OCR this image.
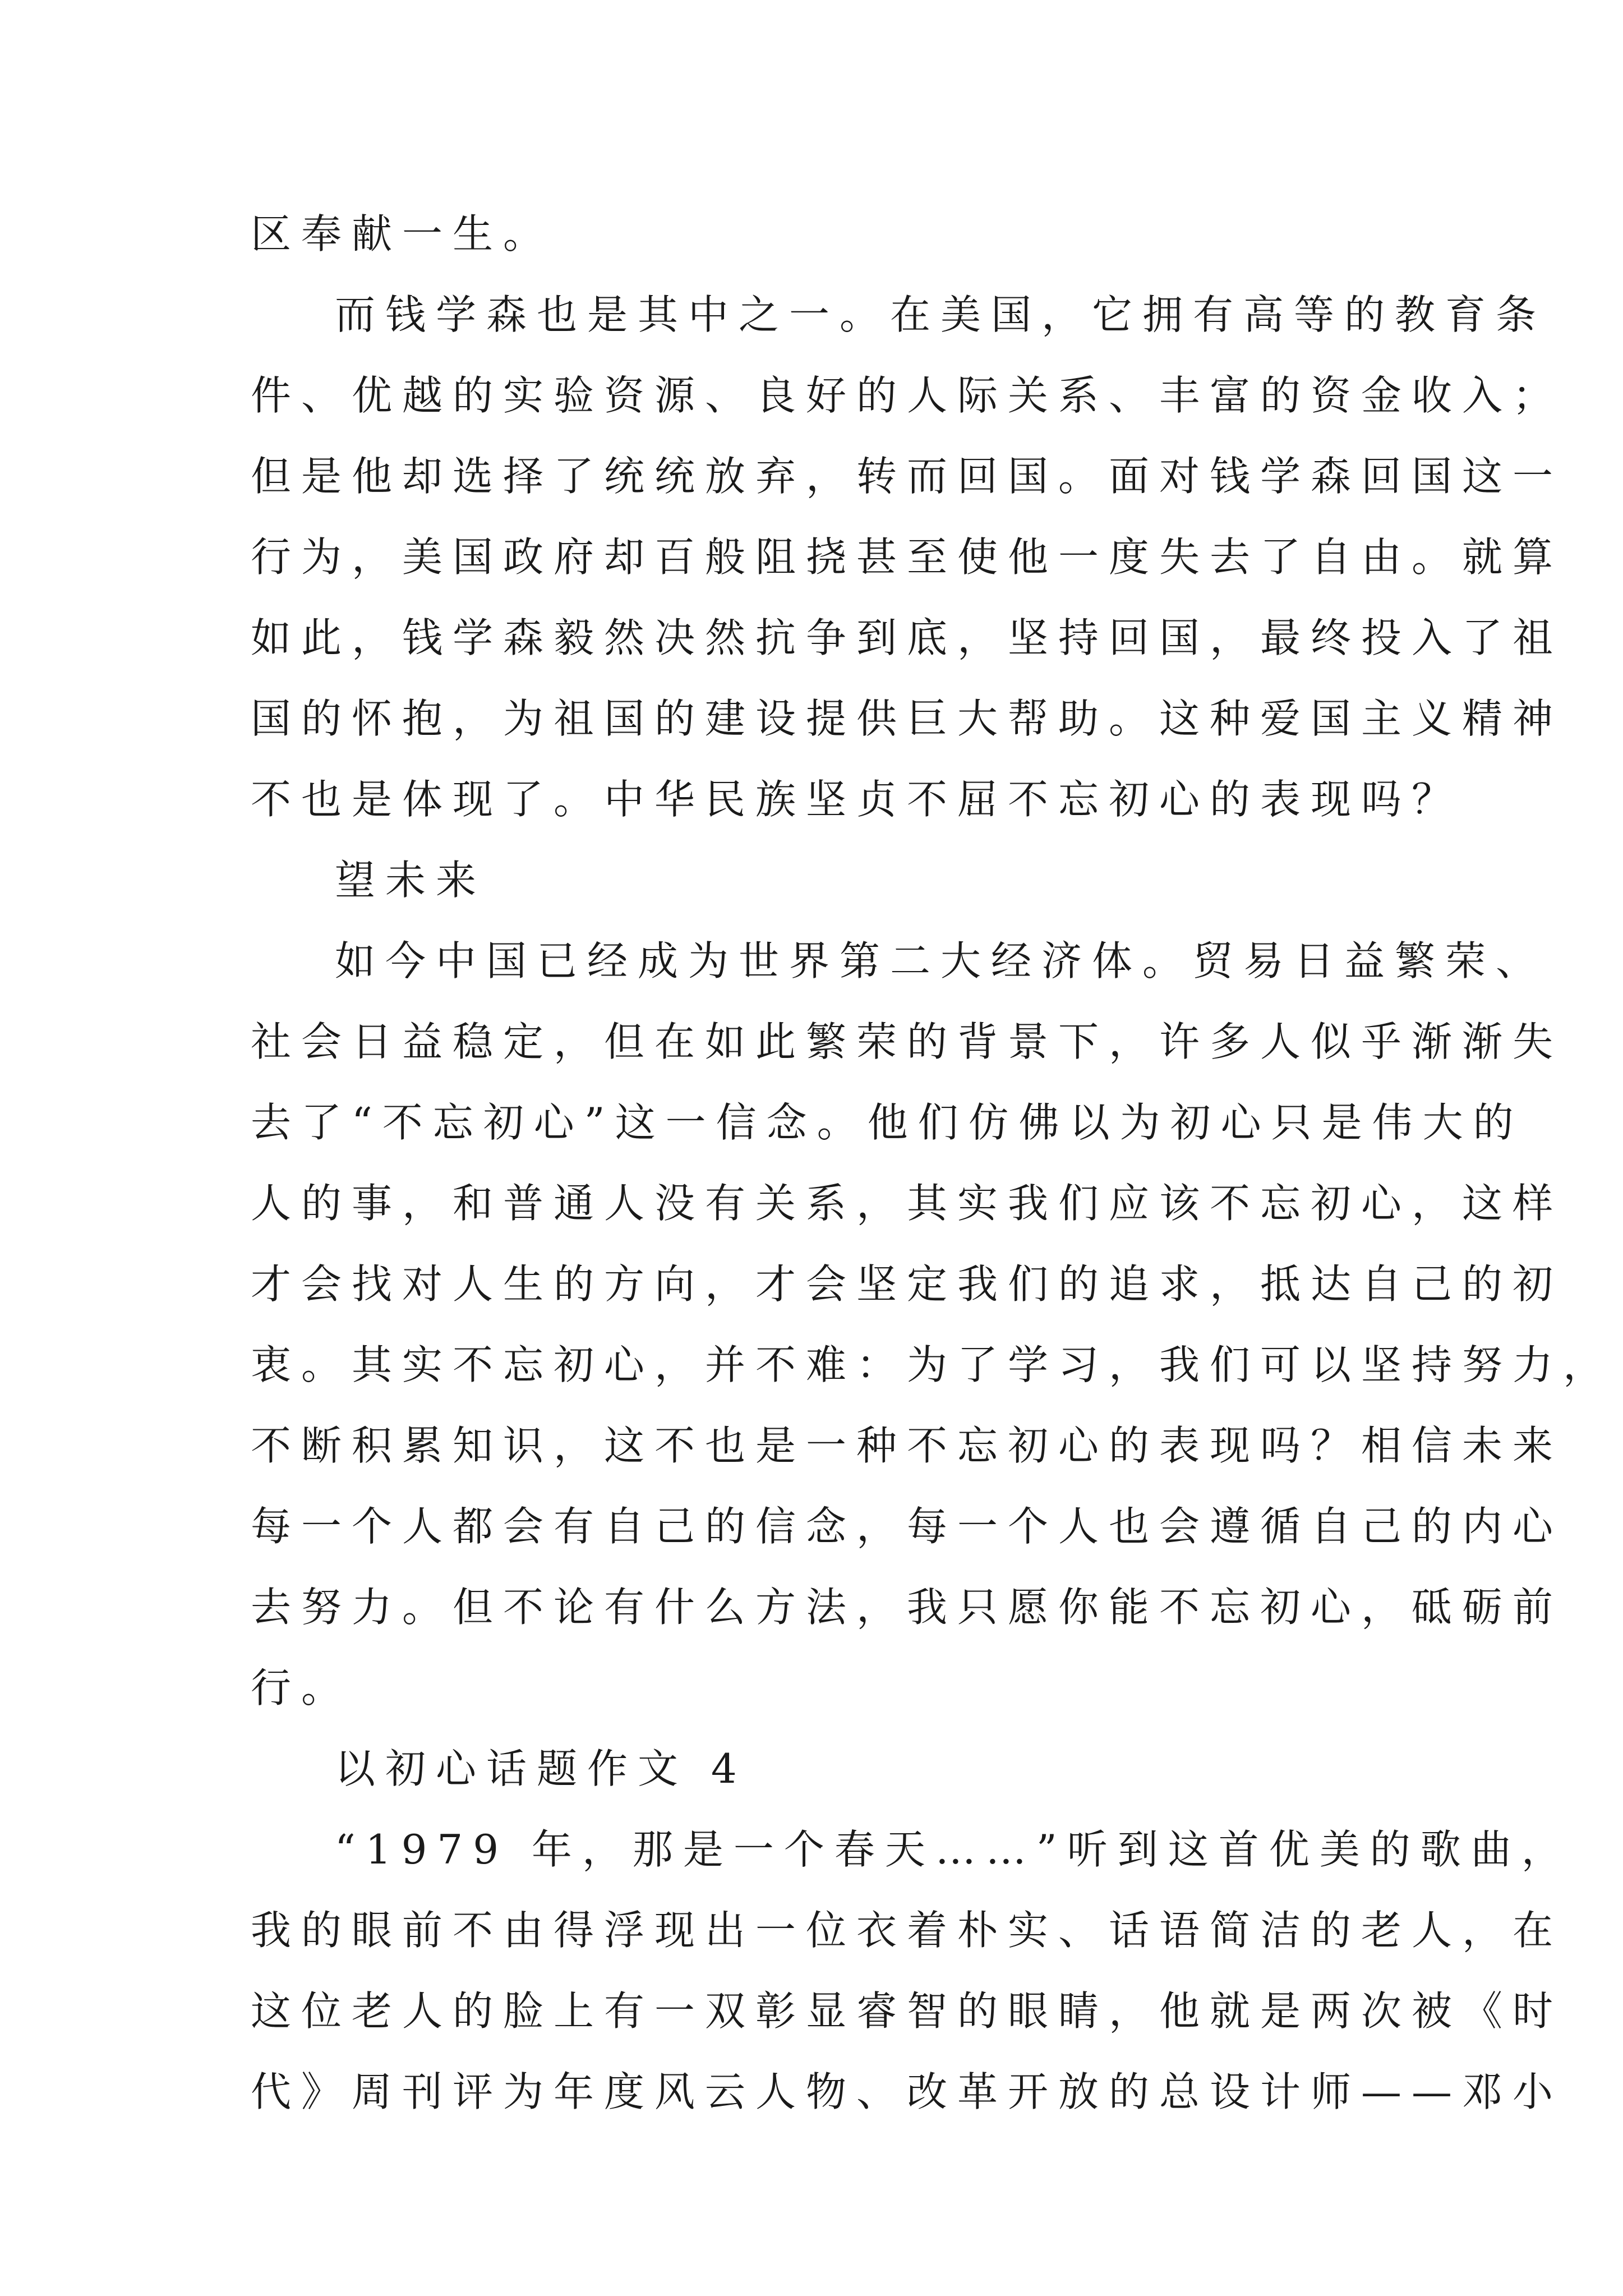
区奉献一生。
而钱学森也是其中之一。在美国，它拥有高等的教育条
件、优越的实验资源、良好的人际关系、丰富的资金收入；
但是他却选择了统统放弃，转而回国。面对钱学森回国这一
行为，美国政府却百般阻挠甚至使他一度失去了自由。就算
如此，钱学森毅然决然抗争到底，坚持回国，最终投入了祖
国的怀抱，为祖国的建设提供巨大帮助。这种爱国主义精神
不也是体现了。中华民族坚贞不屈不忘初心的表现吗？
望未来
如今中国已经成为世界第二大经济体。贸易日益繁荣、
社会日益稳定，但在如此繁荣的背景下，许多人似乎渐渐失
去了“不忘初心”这一信念。他们仿佛以为初心只是伟大的
人的事，和普通人没有关系，其实我们应该不忘初心，这样
才会找对人生的方向，才会坚定我们的追求，抵达自己的初
衷。其实不忘初心，并不难：为了学习，我们可以坚持努力，
不断积累知识，这不也是一种不忘初心的表现吗？相信未来
每一个人都会有自己的信念，每一个人也会遵循自己的内心
去努力。但不论有什么方法，我只愿你能不忘初心，砥砺前
行。
以初心话题作文 4
“1979 年，那是一个春天……”听到这首优美的歌曲，
我的眼前不由得浮现出一位衣着朴实、话语简洁的老人，在
这位老人的脸上有一双彰显睿智的眼睛，他就是两次被《时
代》周刊评为年度风云人物、改革开放的总设计师——邓小
